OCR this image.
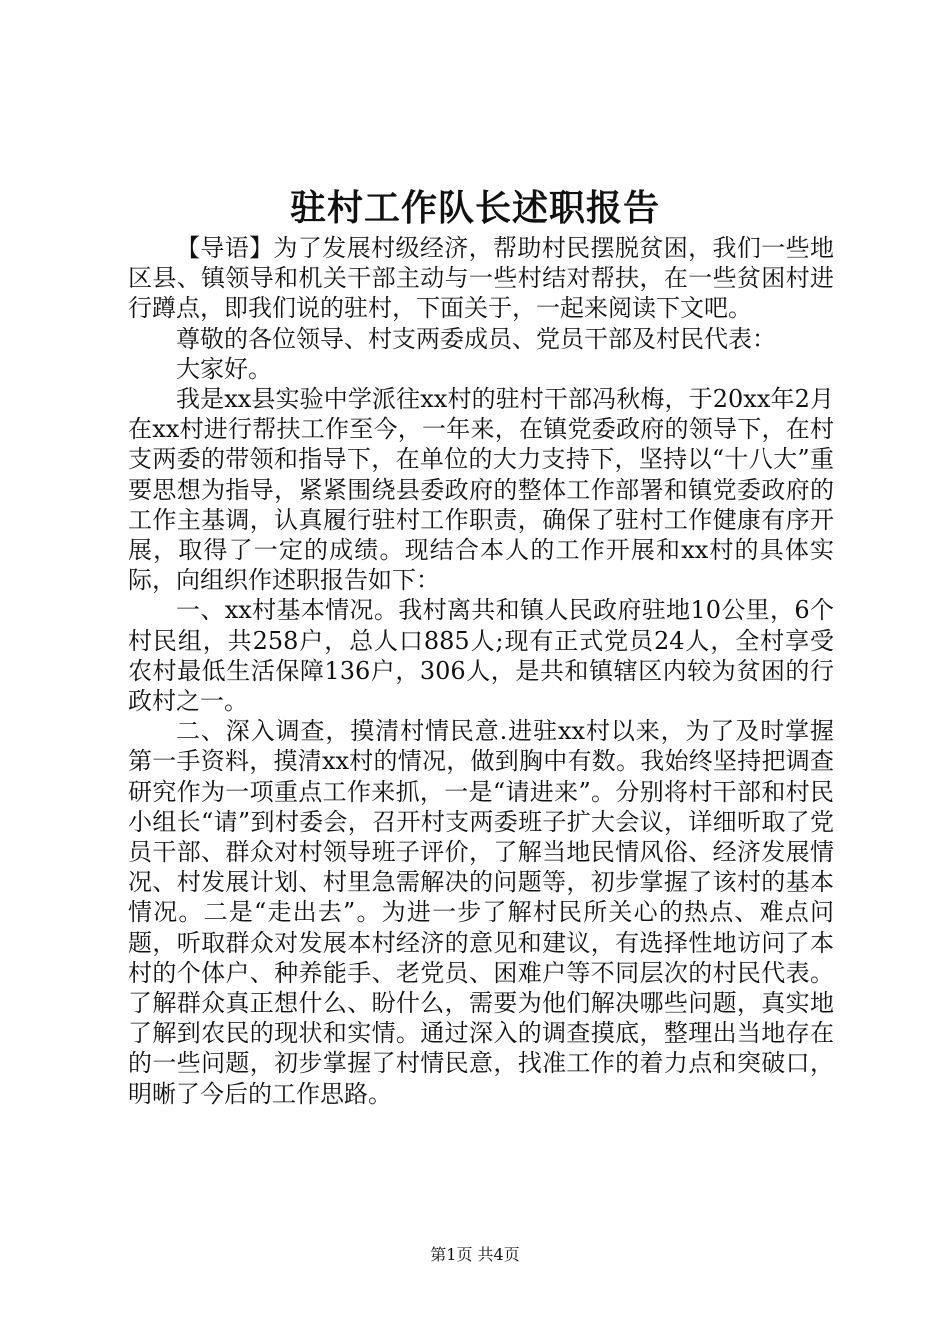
驻村工作队长述职报告

【导语】为了发展村级经济，帮助村民摆脱贫困，我们一些地区县、镇领导和机关干部主动与一些村结对帮扶，在一些贫困村进行蹲点，即我们说的驻村，下面关于，一起来阅读下文吧。

尊敬的各位领导、村支两委成员、党员干部及村民代表：

大家好。

我是xx县实验中学派往xx村的驻村干部冯秋梅，于20xx年2月在xx村进行帮扶工作至今，一年来，在镇党委政府的领导下，在村支两委的带领和指导下，在单位的大力支持下，坚持以“十八大”重要思想为指导，紧紧围绕县委政府的整体工作部署和镇党委政府的工作主基调，认真履行驻村工作职责，确保了驻村工作健康有序开展，取得了一定的成绩。现结合本人的工作开展和xx村的具体实际，向组织作述职报告如下：

一、xx村基本情况。我村离共和镇人民政府驻地10公里，6个村民组，共258户，总人口885人;现有正式党员24人，全村享受农村最低生活保障136户，306人，是共和镇辖区内较为贫困的行政村之一。

二、深入调查，摸清村情民意.进驻xx村以来，为了及时掌握第一手资料，摸清xx村的情况，做到胸中有数。我始终坚持把调查研究作为一项重点工作来抓，一是“请进来”。分别将村干部和村民小组长“请”到村委会，召开村支两委班子扩大会议，详细听取了党员干部、群众对村领导班子评价，了解当地民情风俗、经济发展情况、村发展计划、村里急需解决的问题等，初步掌握了该村的基本情况。二是“走出去”。为进一步了解村民所关心的热点、难点问题，听取群众对发展本村经济的意见和建议，有选择性地访问了本村的个体户、种养能手、老党员、困难户等不同层次的村民代表。了解群众真正想什么、盼什么，需要为他们解决哪些问题，真实地了解到农民的现状和实情。通过深入的调查摸底，整理出当地存在的一些问题，初步掌握了村情民意，找准工作的着力点和突破口，明晰了今后的工作思路。

第1页 共4页
